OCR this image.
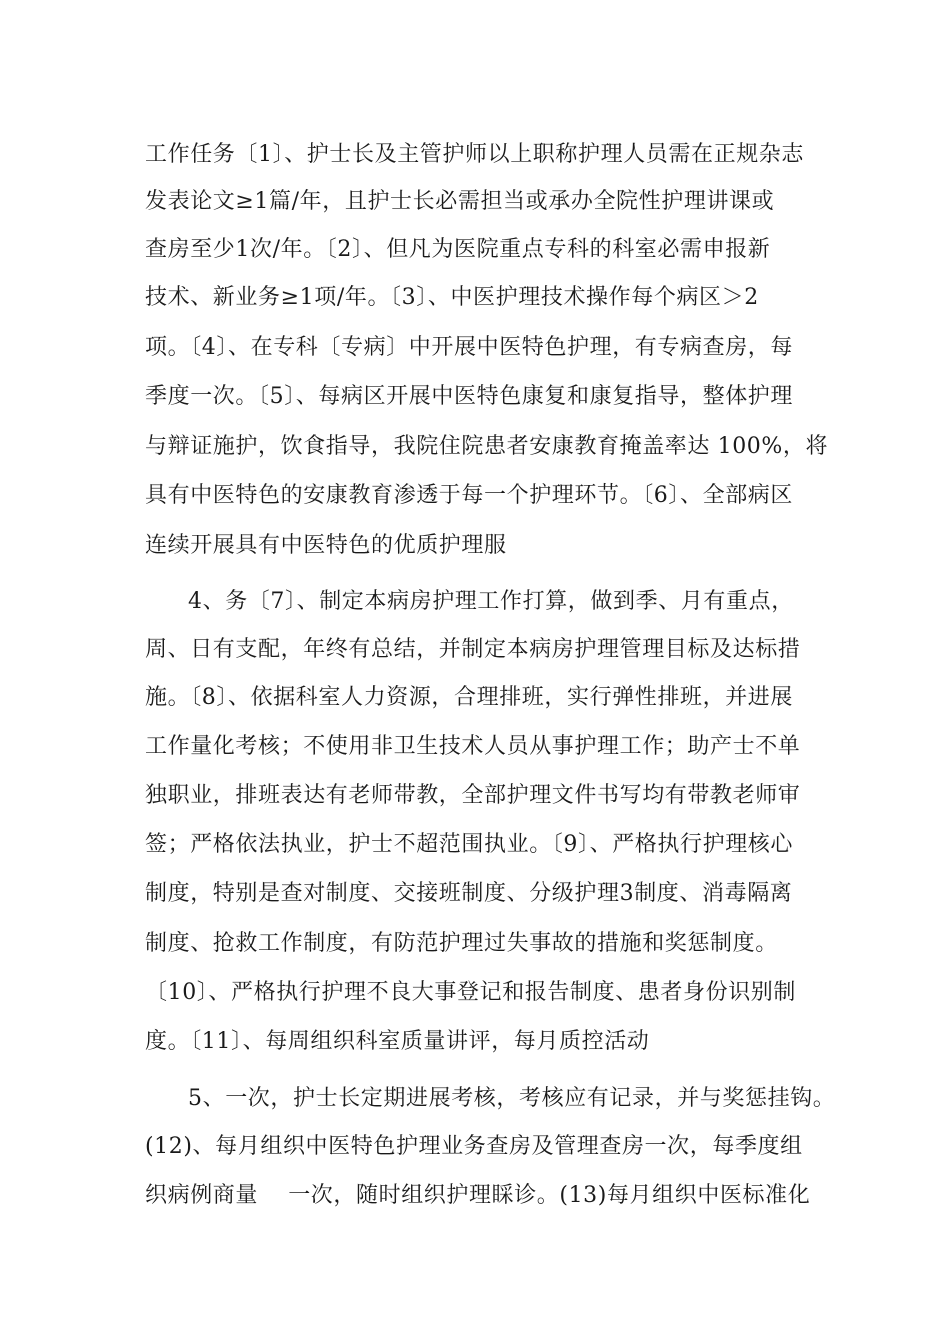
工作任务〔1〕、护士长及主管护师以上职称护理人员需在正规杂志
发表论文≥1篇/年，且护士长必需担当或承办全院性护理讲课或
查房至少1次/年。〔2〕、但凡为医院重点专科的科室必需申报新
技术、新业务≥1项/年。〔3〕、中医护理技术操作每个病区＞2
项。〔4〕、在专科〔专病〕中开展中医特色护理，有专病查房，每
季度一次。〔5〕、每病区开展中医特色康复和康复指导，整体护理
与辩证施护，饮食指导，我院住院患者安康教育掩盖率达 100%，将
具有中医特色的安康教育渗透于每一个护理环节。〔6〕、全部病区
连续开展具有中医特色的优质护理服
4、务〔7〕、制定本病房护理工作打算，做到季、月有重点，
周、日有支配，年终有总结，并制定本病房护理管理目标及达标措
施。〔8〕、依据科室人力资源，合理排班，实行弹性排班，并进展
工作量化考核；不使用非卫生技术人员从事护理工作；助产士不单
独职业，排班表达有老师带教，全部护理文件书写均有带教老师审
签；严格依法执业，护士不超范围执业。〔9〕、严格执行护理核心
制度，特别是查对制度、交接班制度、分级护理3制度、消毒隔离
制度、抢救工作制度，有防范护理过失事故的措施和奖惩制度。
〔10〕、严格执行护理不良大事登记和报告制度、患者身份识别制
度。〔11〕、每周组织科室质量讲评，每月质控活动
5、一次，护士长定期进展考核，考核应有记录，并与奖惩挂钩。
(12)、每月组织中医特色护理业务查房及管理查房一次，每季度组
织病例商量　 一次，随时组织护理睬诊。(13)每月组织中医标准化
